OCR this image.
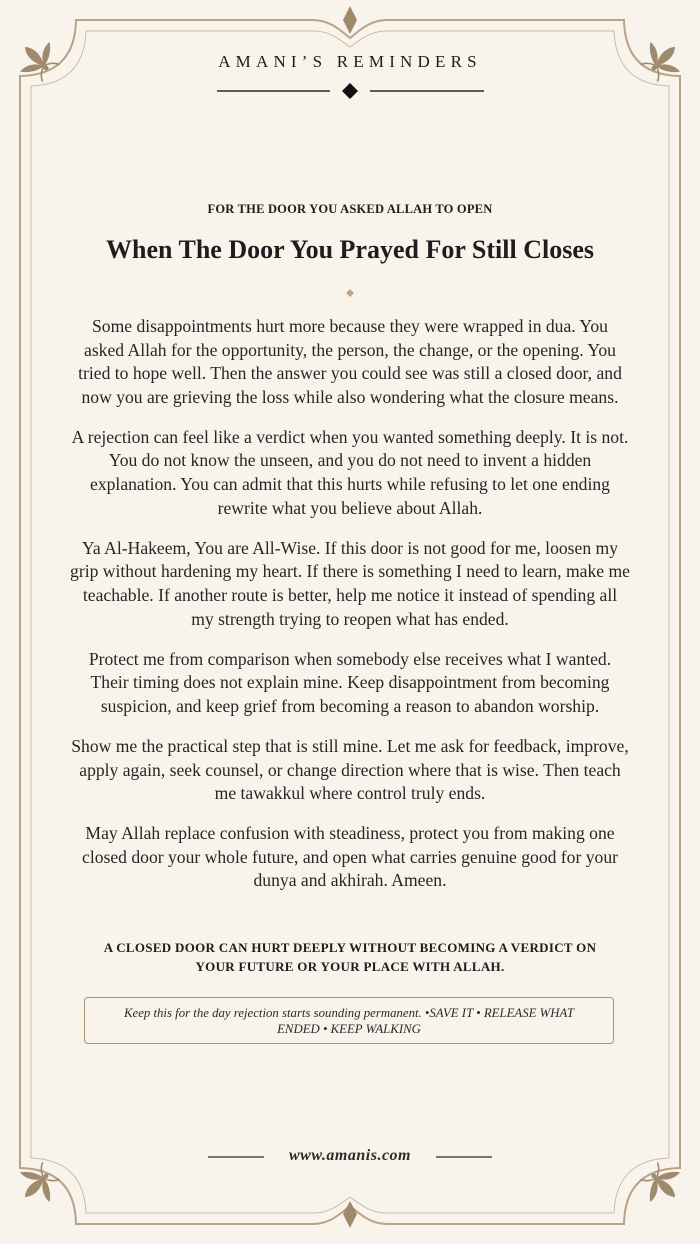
AMANI’S REMINDERS
FOR THE DOOR YOU ASKED ALLAH TO OPEN
When The Door You Prayed For Still Closes

Some disappointments hurt more because they were wrapped in dua. You asked Allah for the opportunity, the person, the change, or the opening. You tried to hope well. Then the answer you could see was still a closed door, and now you are grieving the loss while also wondering what the closure means.

A rejection can feel like a verdict when you wanted something deeply. It is not. You do not know the unseen, and you do not need to invent a hidden explanation. You can admit that this hurts while refusing to let one ending rewrite what you believe about Allah.

Ya Al-Hakeem, You are All-Wise. If this door is not good for me, loosen my grip without hardening my heart. If there is something I need to learn, make me teachable. If another route is better, help me notice it instead of spending all my strength trying to reopen what has ended.

Protect me from comparison when somebody else receives what I wanted. Their timing does not explain mine. Keep disappointment from becoming suspicion, and keep grief from becoming a reason to abandon worship.

Show me the practical step that is still mine. Let me ask for feedback, improve, apply again, seek counsel, or change direction where that is wise. Then teach me tawakkul where control truly ends.

May Allah replace confusion with steadiness, protect you from making one closed door your whole future, and open what carries genuine good for your dunya and akhirah. Ameen.

A CLOSED DOOR CAN HURT DEEPLY WITHOUT BECOMING A VERDICT ON YOUR FUTURE OR YOUR PLACE WITH ALLAH.
Keep this for the day rejection starts sounding permanent. •SAVE IT • RELEASE WHAT ENDED • KEEP WALKING
www.amanis.com
